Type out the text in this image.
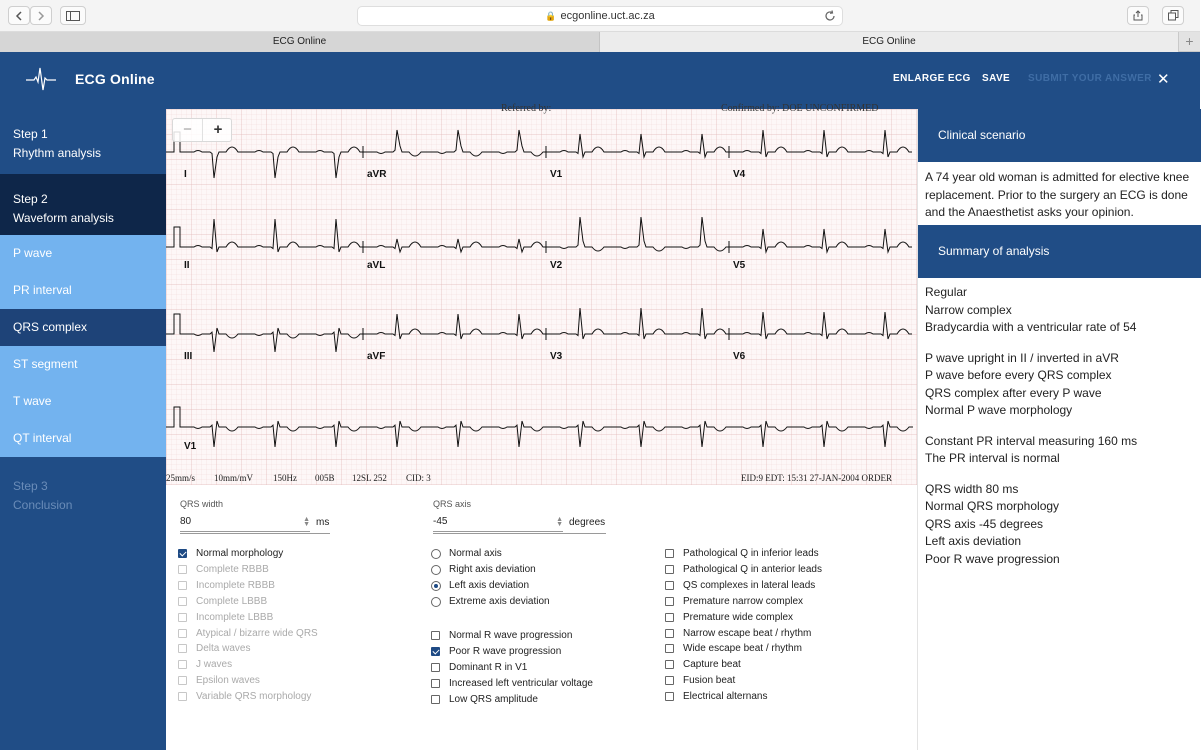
🔒 ecgonline.uct.ac.za
ECG Online	ECG Online	+
ECG Online	ENLARGE ECG SAVE SUBMIT YOUR ANSWER ✕
Step 1
Rhythm analysis
Step 2
Waveform analysis
P wave
PR interval
QRS complex
ST segment
T wave
QT interval
Step 3
Conclusion
Referred by:	Confirmed by: DOE UNCONFIRMED
I	aVR	V1	V4
II	aVL	V2	V5
III	aVF	V3	V6
V1
−	+
25mm/s 10mm/mV 150Hz 005B 12SL 252 CID: 3	EID:9 EDT: 15:31 27-JAN-2004 ORDER
QRS width
80	▲
▼ ms
QRS axis
-45	▲
▼ degrees
Normal morphology
Complete RBBB
Incomplete RBBB
Complete LBBB
Incomplete LBBB
Atypical / bizarre wide QRS
Delta waves
J waves
Epsilon waves
Variable QRS morphology
Normal axis
Right axis deviation
Left axis deviation
Extreme axis deviation
Normal R wave progression
Poor R wave progression
Dominant R in V1
Increased left ventricular voltage
Low QRS amplitude
Pathological Q in inferior leads
Pathological Q in anterior leads
QS complexes in lateral leads
Premature narrow complex
Premature wide complex
Narrow escape beat / rhythm
Wide escape beat / rhythm
Capture beat
Fusion beat
Electrical alternans
Clinical scenario
A 74 year old woman is admitted for elective knee replacement. Prior to the surgery an ECG is done and the Anaesthetist asks your opinion.
Summary of analysis
Regular
Narrow complex
Bradycardia with a ventricular rate of 54
P wave upright in II / inverted in aVR
P wave before every QRS complex
QRS complex after every P wave
Normal P wave morphology
Constant PR interval measuring 160 ms
The PR interval is normal
QRS width 80 ms
Normal QRS morphology
QRS axis -45 degrees
Left axis deviation
Poor R wave progression
